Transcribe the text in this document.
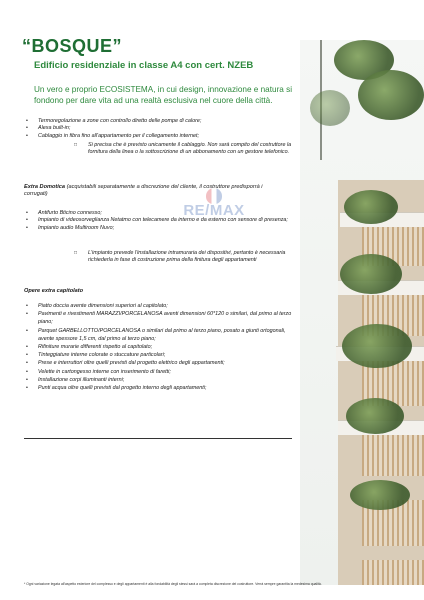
RE/MAX
“BOSQUE”
Edificio residenziale in classe A4 con cert. NZEB
Un vero e proprio ECOSISTEMA, in cui design, innovazione e natura si fondono per dare vita ad una realtà esclusiva nel cuore della città.
• Termoregolazione a zone con controllo diretto delle pompe di calore;
• Alexa built-in;
• Cablaggio in fibra fino all'appartamento per il collegamento internet;
□ Si precisa che è previsto unicamente il cablaggio. Non sarà compito del costruttore la fornitura della linea o la sottoscrizione di un abbonamento con un gestore telefonico.
Extra Domotica (acquistabili separatamente a discrezione del cliente, il costruttore predisporrà i corrugati)
• Antifurto Bticino connesso;
• Impianto di videosorveglianza Netatmo con telecamere da interno e da esterno con sensore di presenza;
• Impianto audio Multiroom Nuvo;
□ L'impianto prevede l'installazione intramuraria dei dispositivi, pertanto è necessaria richiederla in fase di costruzione prima della finitura degli appartamenti
Opere extra capitolato
• Piatto doccia avente dimensioni superiori al capitolato;
• Pavimenti e rivestimenti MARAZZI/PORCELANOSA aventi dimensioni 60*120 o similari, dal primo al terzo piano;
• Parquet GARBELLOTTO/PORCELANOSA o similari dal primo al terzo piano, posato a giunti ortogonali, avente spessore 1,5 cm, dal primo al terzo piano;
• Rifiniture murarie differenti rispetto al capitolato;
• Tinteggiature interne colorate o stuccature particolari;
• Prese e interruttori oltre quelli previsti dal progetto elettrico degli appartamenti;
• Velette in cartongesso interne con inserimento di faretti;
• Installazione corpi illuminanti interni;
• Punti acqua oltre quelli previsti dal progetto interno degli appartamenti;
* Ogni variazione legata all'aspetto esteriore del complesso e degli appartamenti è alla fondabilità degli stessi sarà a completa discrezione del costruttore. Verrà sempre garantita la medesima qualità.
